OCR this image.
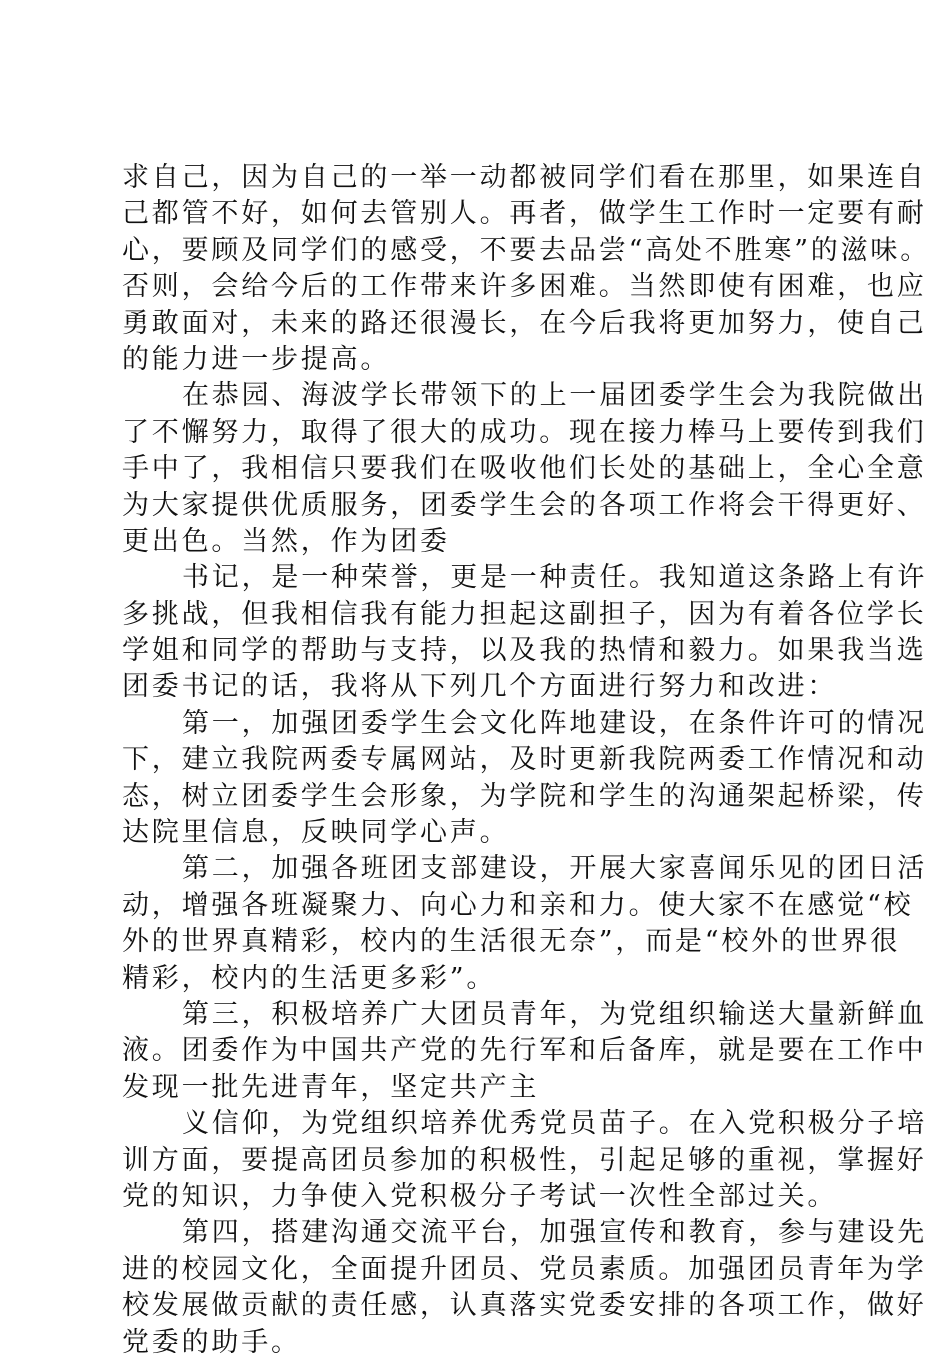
求自己，因为自己的一举一动都被同学们看在那里，如果连自
己都管不好，如何去管别人。再者，做学生工作时一定要有耐
心，要顾及同学们的感受，不要去品尝“高处不胜寒”的滋味。
否则，会给今后的工作带来许多困难。当然即使有困难，也应
勇敢面对，未来的路还很漫长，在今后我将更加努力，使自己
的能力进一步提高。
在恭园、海波学长带领下的上一届团委学生会为我院做出
了不懈努力，取得了很大的成功。现在接力棒马上要传到我们
手中了，我相信只要我们在吸收他们长处的基础上，全心全意
为大家提供优质服务，团委学生会的各项工作将会干得更好、
更出色。当然，作为团委
书记，是一种荣誉，更是一种责任。我知道这条路上有许
多挑战，但我相信我有能力担起这副担子，因为有着各位学长
学姐和同学的帮助与支持，以及我的热情和毅力。如果我当选
团委书记的话，我将从下列几个方面进行努力和改进：
第一，加强团委学生会文化阵地建设，在条件许可的情况
下，建立我院两委专属网站，及时更新我院两委工作情况和动
态，树立团委学生会形象，为学院和学生的沟通架起桥梁，传
达院里信息，反映同学心声。
第二，加强各班团支部建设，开展大家喜闻乐见的团日活
动，增强各班凝聚力、向心力和亲和力。使大家不在感觉“校
外的世界真精彩，校内的生活很无奈”，而是“校外的世界很
精彩，校内的生活更多彩”。
第三，积极培养广大团员青年，为党组织输送大量新鲜血
液。团委作为中国共产党的先行军和后备库，就是要在工作中
发现一批先进青年，坚定共产主
义信仰，为党组织培养优秀党员苗子。在入党积极分子培
训方面，要提高团员参加的积极性，引起足够的重视，掌握好
党的知识，力争使入党积极分子考试一次性全部过关。
第四，搭建沟通交流平台，加强宣传和教育，参与建设先
进的校园文化，全面提升团员、党员素质。加强团员青年为学
校发展做贡献的责任感，认真落实党委安排的各项工作，做好
党委的助手。
